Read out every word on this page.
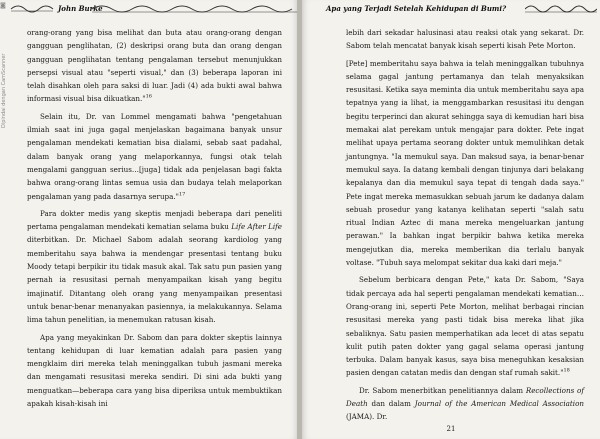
◙
Dipindai dengan CamScanner
John Burke

orang-orang yang bisa melihat dan buta atau orang-orang dengan gangguan penglihatan, (2) deskripsi orang buta dan orang dengan gangguan penglihatan tentang pengalaman tersebut menunjukkan persepsi visual atau "seperti visual," dan (3) beberapa laporan ini telah disahkan oleh para saksi di luar. Jadi (4) ada bukti awal bahwa informasi visual bisa dikuatkan."$^{16}$

Selain itu, Dr. van Lommel mengamati bahwa "pengetahuan ilmiah saat ini juga gagal menjelaskan bagaimana banyak unsur pengalaman mendekati kematian bisa dialami, sebab saat padahal, dalam banyak orang yang melaporkannya, fungsi otak telah mengalami gangguan serius…[juga] tidak ada penjelasan bagi fakta bahwa orang-orang lintas semua usia dan budaya telah melaporkan pengalaman yang pada dasarnya serupa."$^{17}$

Para dokter medis yang skeptis menjadi beberapa dari peneliti pertama pengalaman mendekati kematian selama buku Life After Life diterbitkan. Dr. Michael Sabom adalah seorang kardiolog yang memberitahu saya bahwa ia mendengar presentasi tentang buku Moody tetapi berpikir itu tidak masuk akal. Tak satu pun pasien yang pernah ia resusitasi pernah menyampaikan kisah yang begitu imajinatif. Ditantang oleh orang yang menyampaikan presentasi untuk benar-benar menanyakan pasiennya, ia melakukannya. Selama lima tahun penelitian, ia menemukan ratusan kisah.

Apa yang meyakinkan Dr. Sabom dan para dokter skeptis lainnya tentang kehidupan di luar kematian adalah para pasien yang mengklaim diri mereka telah meninggalkan tubuh jasmani mereka dan mengamati resusitasi mereka sendiri. Di sini ada bukti yang menguatkan—beberapa cara yang bisa diperiksa untuk membuktikan apakah kisah-kisah ini

Apa yang Terjadi Setelah Kehidupan di Bumi?

lebih dari sekadar halusinasi atau reaksi otak yang sekarat. Dr. Sabom telah mencatat banyak kisah seperti kisah Pete Morton.

[Pete] memberitahu saya bahwa ia telah meninggalkan tubuhnya selama gagal jantung pertamanya dan telah menyaksikan resusitasi. Ketika saya meminta dia untuk memberitahu saya apa tepatnya yang ia lihat, ia menggambarkan resusitasi itu dengan begitu terperinci dan akurat sehingga saya di kemudian hari bisa memakai alat perekam untuk mengajar para dokter. Pete ingat melihat upaya pertama seorang dokter untuk memulihkan detak jantungnya. "Ia memukul saya. Dan maksud saya, ia benar-benar memukul saya. Ia datang kembali dengan tinjunya dari belakang kepalanya dan dia memukul saya tepat di tengah dada saya." Pete ingat mereka memasukkan sebuah jarum ke dadanya dalam sebuah prosedur yang katanya kelihatan seperti "salah satu ritual Indian Aztec di mana mereka mengeluarkan jantung perawan." Ia bahkan ingat berpikir bahwa ketika mereka mengejutkan dia, mereka memberikan dia terlalu banyak voltase. "Tubuh saya melompat sekitar dua kaki dari meja."

Sebelum berbicara dengan Pete," kata Dr. Sabom, "Saya tidak percaya ada hal seperti pengalaman mendekati kematian…Orang-orang ini, seperti Pete Morton, melihat berbagai rincian resusitasi mereka yang pasti tidak bisa mereka lihat jika sebaliknya. Satu pasien memperhatikan ada lecet di atas sepatu kulit putih paten dokter yang gagal selama operasi jantung terbuka. Dalam banyak kasus, saya bisa meneguhkan kesaksian pasien dengan catatan medis dan dengan staf rumah sakit."$^{18}$

Dr. Sabom menerbitkan penelitiannya dalam Recollections of Death dan dalam Journal of the American Medical Association (JAMA). Dr.

21
